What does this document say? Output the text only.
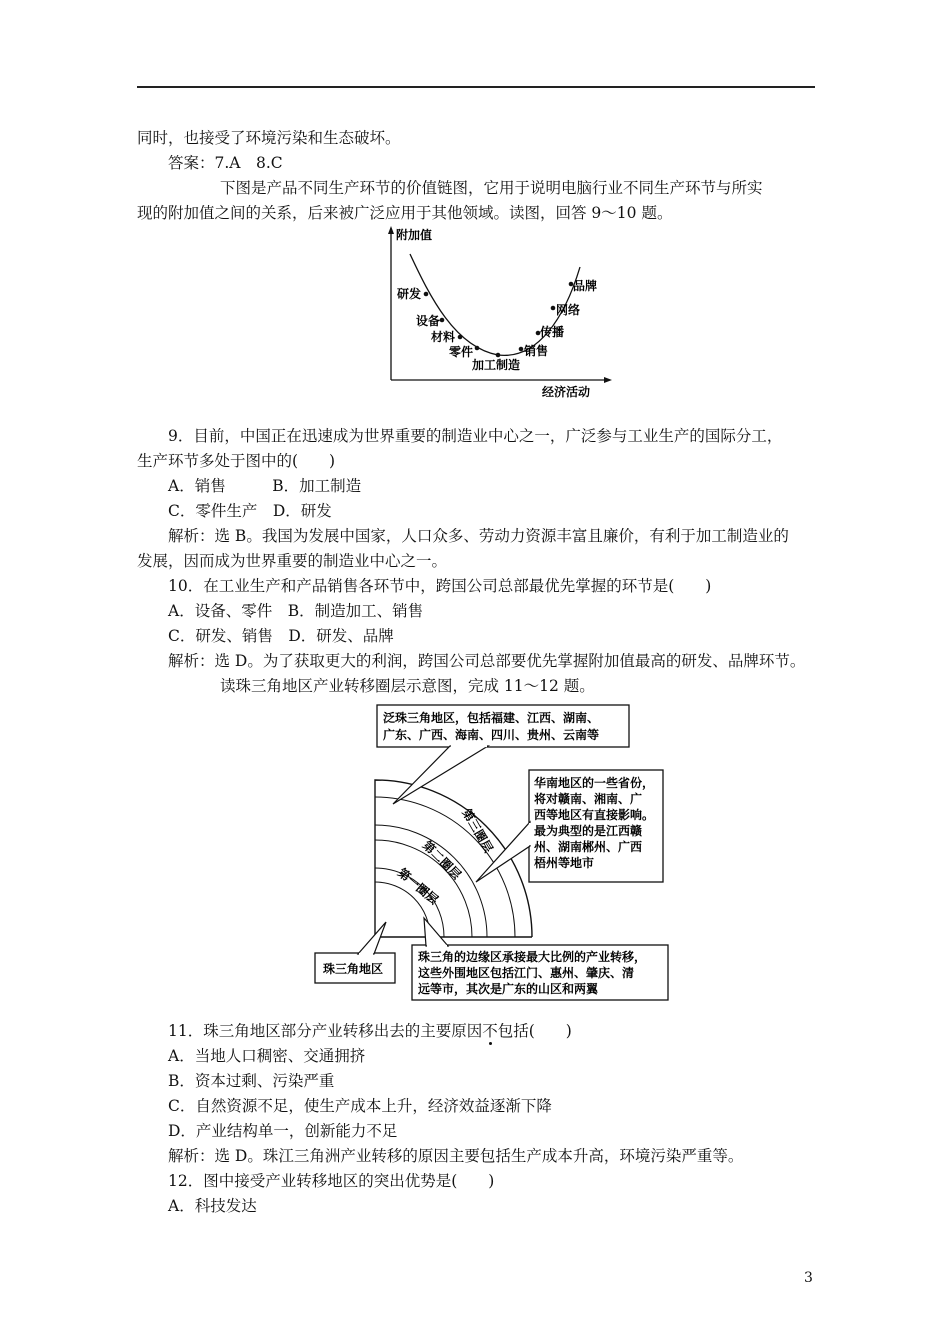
同时，也接受了环境污染和生态破坏。
答案：7.A　8.C
下图是产品不同生产环节的价值链图，它用于说明电脑行业不同生产环节与所实
现的附加值之间的关系，后来被广泛应用于其他领域。读图，回答 9～10 题。
研发
设备
材料
零件
加工制造
销售
传播
网络
品牌
附加值
经济活动
9．目前，中国正在迅速成为世界重要的制造业中心之一，广泛参与工业生产的国际分工，
生产环节多处于图中的(　　)
A．销售　　　B．加工制造
C．零件生产　D．研发
解析：选 B。我国为发展中国家，人口众多、劳动力资源丰富且廉价，有利于加工制造业的
发展，因而成为世界重要的制造业中心之一。
10．在工业生产和产品销售各环节中，跨国公司总部最优先掌握的环节是(　　)
A．设备、零件　B．制造加工、销售
C．研发、销售　D．研发、品牌
解析：选 D。为了获取更大的利润，跨国公司总部要优先掌握附加值最高的研发、品牌环节。
读珠三角地区产业转移圈层示意图，完成 11～12 题。
第三圈层
第二圈层
第一圈层
泛珠三角地区，包括福建、江西、湖南、 广东、广西、海南、四川、贵州、云南等
华南地区的一些省份， 将对赣南、湘南、广 西等地区有直接影响。 最为典型的是江西赣 州、湖南郴州、广西 梧州等地市
珠三角的边缘区承接最大比例的产业转移， 这些外围地区包括江门、惠州、肇庆、清 远等市，其次是广东的山区和两翼
珠三角地区
11．珠三角地区部分产业转移出去的主要原因不包括(　　)
A．当地人口稠密、交通拥挤
B．资本过剩、污染严重
C．自然资源不足，使生产成本上升，经济效益逐渐下降
D．产业结构单一，创新能力不足
解析：选 D。珠江三角洲产业转移的原因主要包括生产成本升高，环境污染严重等。
12．图中接受产业转移地区的突出优势是(　　)
A．科技发达
3
